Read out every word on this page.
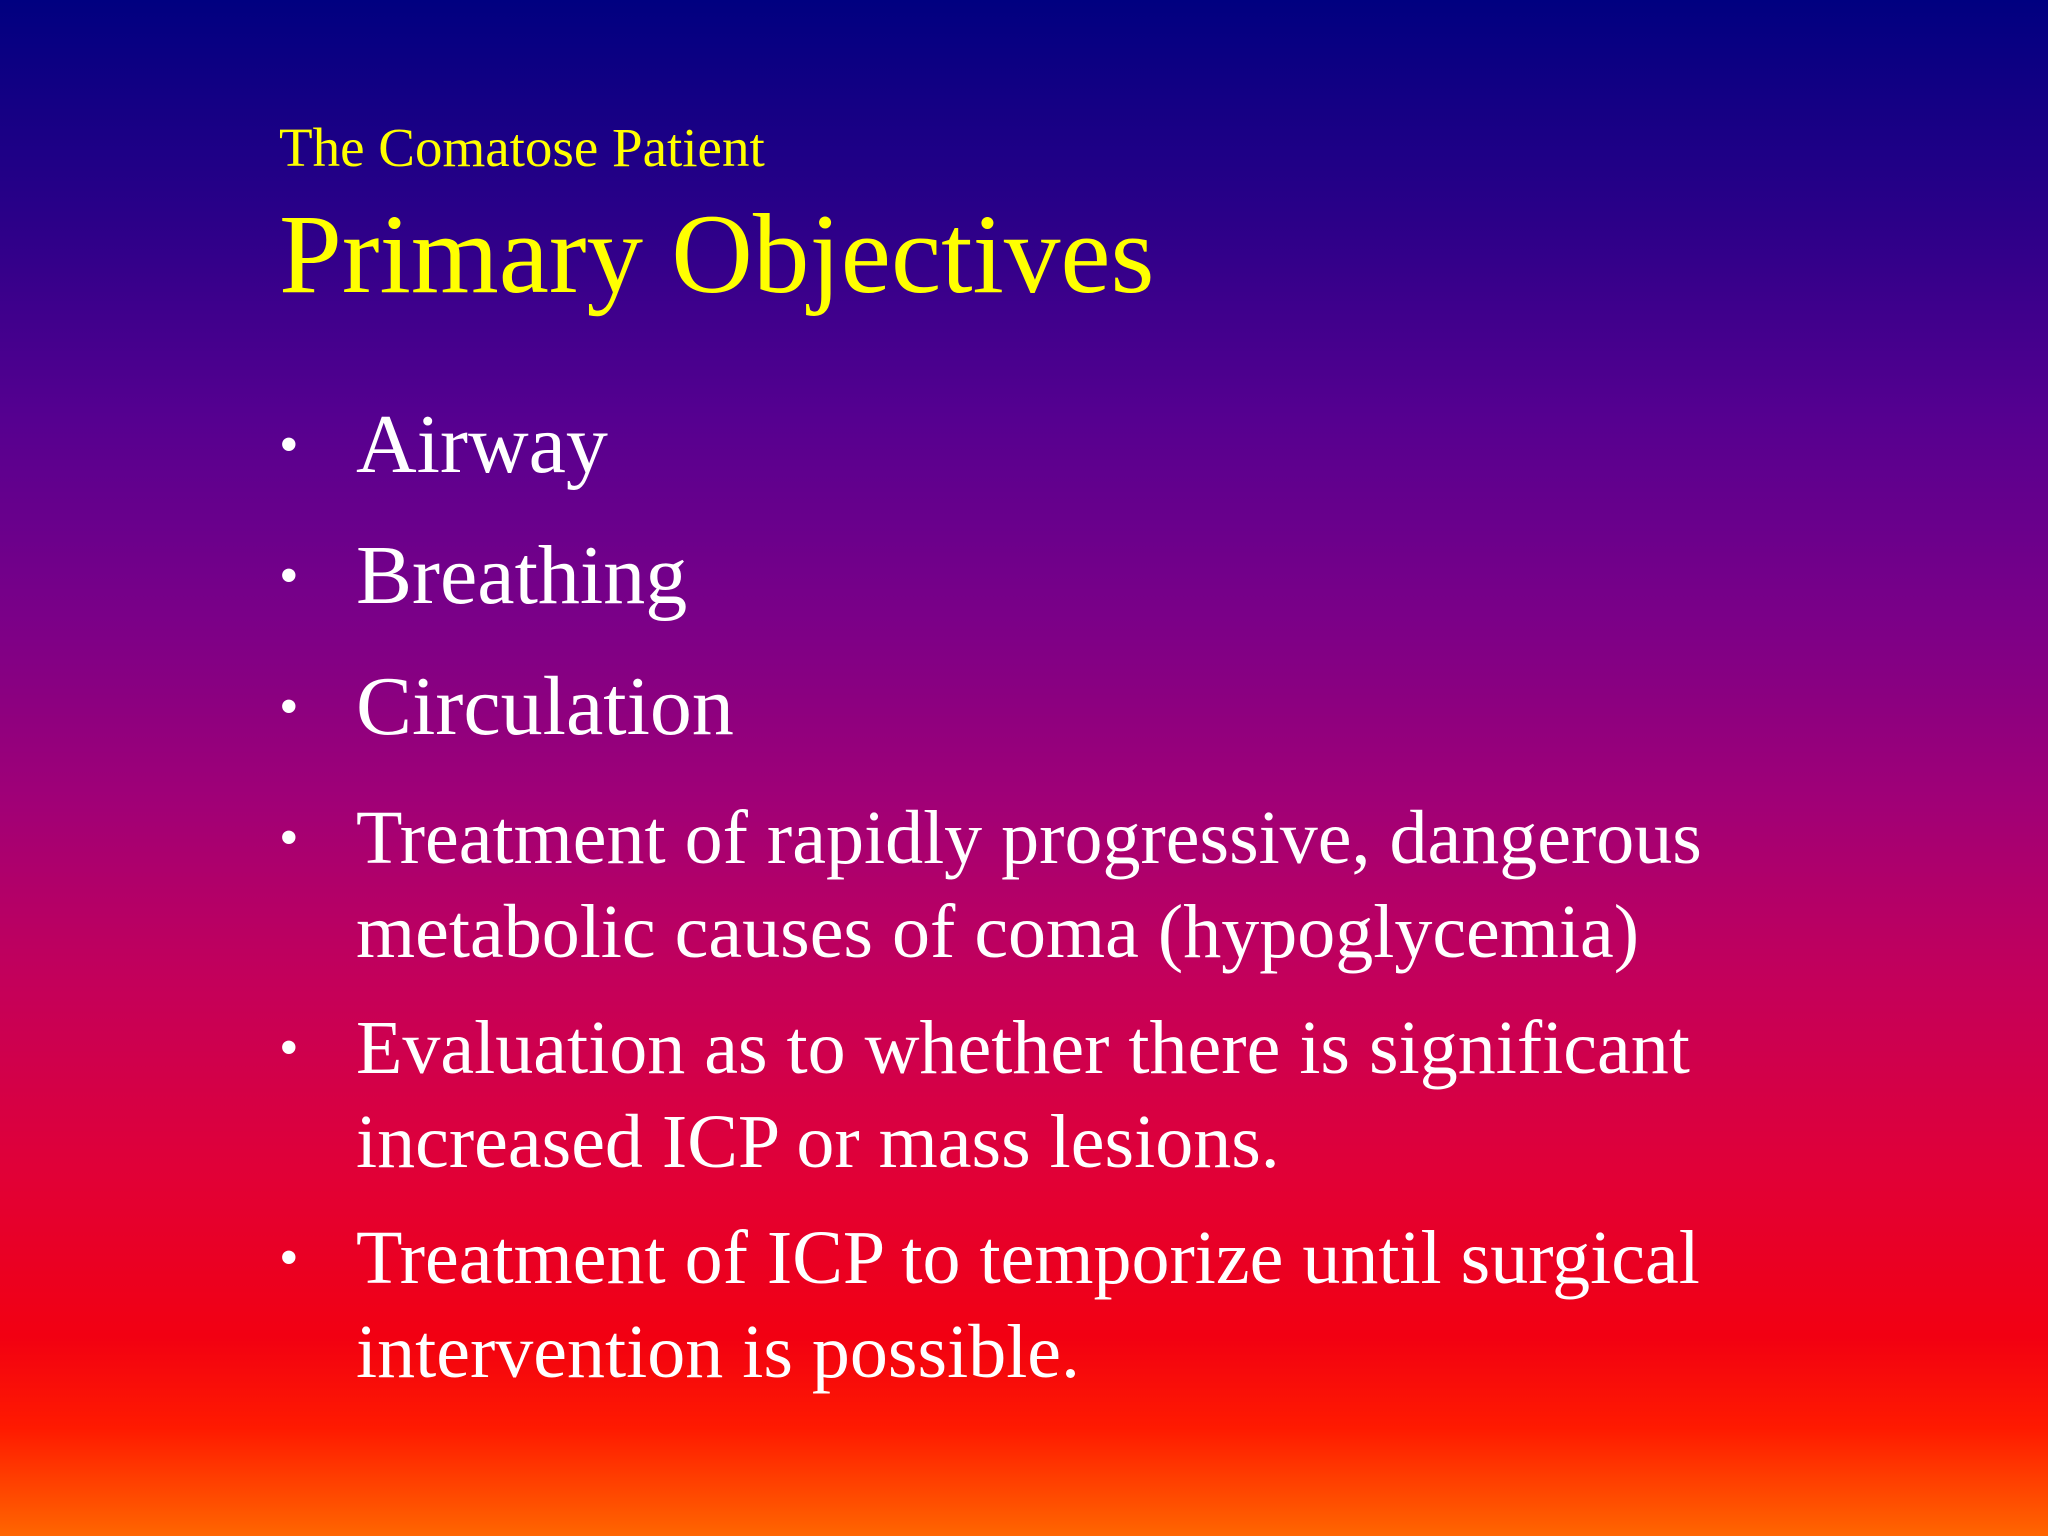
The Comatose Patient
Primary Objectives
• Airway
• Breathing
• Circulation
• Treatment of rapidly progressive, dangerous metabolic causes of coma (hypoglycemia)
• Evaluation as to whether there is significant increased ICP or mass lesions.
• Treatment of ICP to temporize until surgical intervention is possible.
